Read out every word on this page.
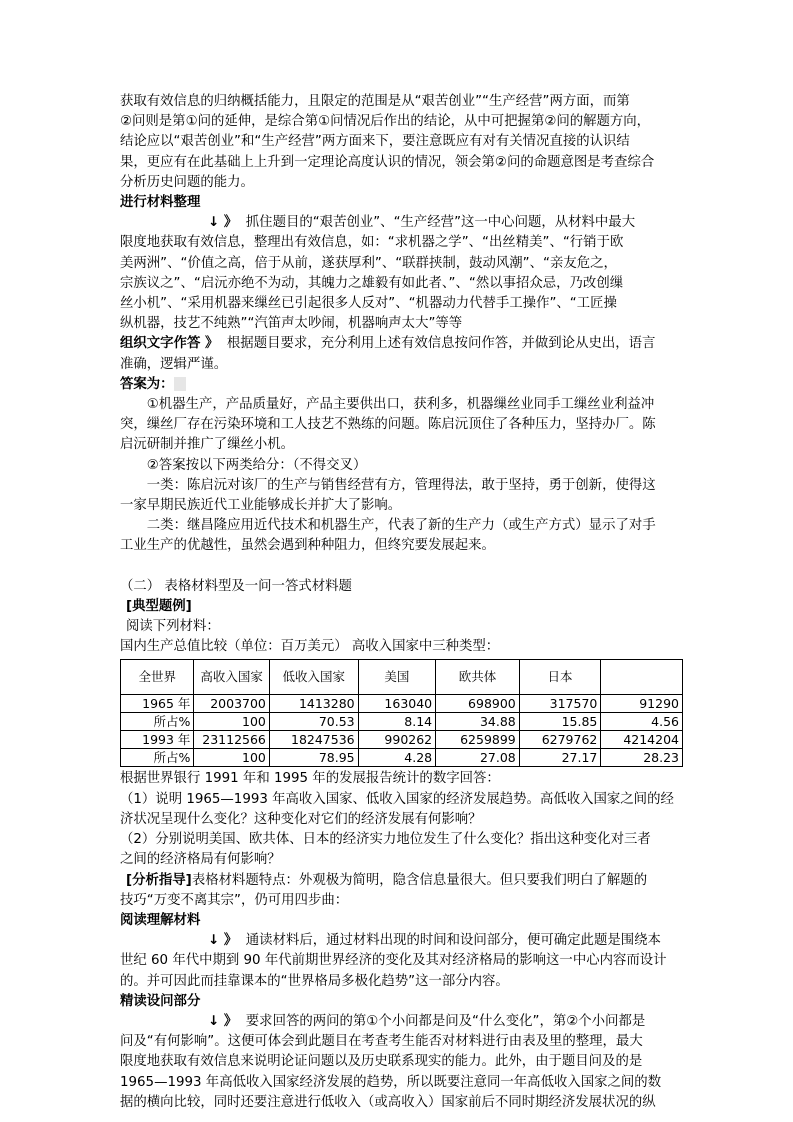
获取有效信息的归纳概括能力，且限定的范围是从“艰苦创业”“生产经营”两方面，而第

②问则是第①问的延伸，是综合第①问情况后作出的结论，从中可把握第②问的解题方向，

结论应以“艰苦创业”和“生产经营”两方面来下，要注意既应有对有关情况直接的认识结

果，更应有在此基础上上升到一定理论高度认识的情况，领会第②问的命题意图是考查综合

分析历史问题的能力。

进行材料整理

↓ 》 抓住题目的“艰苦创业”、“生产经营”这一中心问题，从材料中最大

限度地获取有效信息，整理出有效信息，如：“求机器之学”、“出丝精美”、“行销于欧

美两洲”、“价值之高，倍于从前，遂获厚利”、“联群挟制，鼓动风潮”、“亲友危之，

宗族议之”、“启沅亦绝不为动，其魄力之雄毅有如此者、”、“然以事招众忌，乃改创缫

丝小机”、“采用机器来缫丝已引起很多人反对”、“机器动力代替手工操作”、“工匠操

纵机器，技艺不纯熟”“汽笛声太吵闹，机器响声太大”等等

组织文字作答 》 根据题目要求，充分利用上述有效信息按问作答，并做到论从史出，语言

准确，逻辑严谨。

答案为：

①机器生产，产品质量好，产品主要供出口，获利多，机器缫丝业同手工缫丝业利益冲

突，缫丝厂存在污染环境和工人技艺不熟练的问题。陈启沅顶住了各种压力，坚持办厂。陈

启沅研制并推广了缫丝小机。

②答案按以下两类给分：（不得交叉）

一类：陈启沅对该厂的生产与销售经营有方，管理得法，敢于坚持，勇于创新，使得这

一家早期民族近代工业能够成长并扩大了影响。

二类：继昌隆应用近代技术和机器生产，代表了新的生产力（或生产方式）显示了对手

工业生产的优越性，虽然会遇到种种阻力，但终究要发展起来。

（二） 表格材料型及一问一答式材料题

[典型题例]

阅读下列材料：

国内生产总值比较（单位：百万美元） 高收入国家中三种类型：

全世界	高收入国家	低收入国家	美国	欧共体	日本	
1965 年	2003700	1413280	163040	698900	317570	91290
所占%	100	70.53	8.14	34.88	15.85	4.56
1993 年	23112566	18247536	990262	6259899	6279762	4214204
所占%	100	78.95	4.28	27.08	27.17	28.23

根据世界银行 1991 年和 1995 年的发展报告统计的数字回答：

（1）说明 1965—1993 年高收入国家、低收入国家的经济发展趋势。高低收入国家之间的经

济状况呈现什么变化？这种变化对它们的经济发展有何影响？

（2）分别说明美国、欧共体、日本的经济实力地位发生了什么变化？指出这种变化对三者

之间的经济格局有何影响？

[分析指导]表格材料题特点：外观极为简明，隐含信息量很大。但只要我们明白了解题的

技巧“万变不离其宗”，仍可用四步曲：

阅读理解材料

↓ 》 通读材料后，通过材料出现的时间和设问部分，便可确定此题是围绕本

世纪 60 年代中期到 90 年代前期世界经济的变化及其对经济格局的影响这一中心内容而设计

的。并可因此而挂靠课本的“世界格局多极化趋势”这一部分内容。

精读设问部分

↓ 》 要求回答的两问的第①个小问都是问及“什么变化”，第②个小问都是

问及“有何影响”。这便可体会到此题目在考查考生能否对材料进行由表及里的整理，最大

限度地获取有效信息来说明论证问题以及历史联系现实的能力。此外，由于题目问及的是

1965—1993 年高低收入国家经济发展的趋势，所以既要注意同一年高低收入国家之间的数

据的横向比较，同时还要注意进行低收入（或高收入）国家前后不同时期经济发展状况的纵
